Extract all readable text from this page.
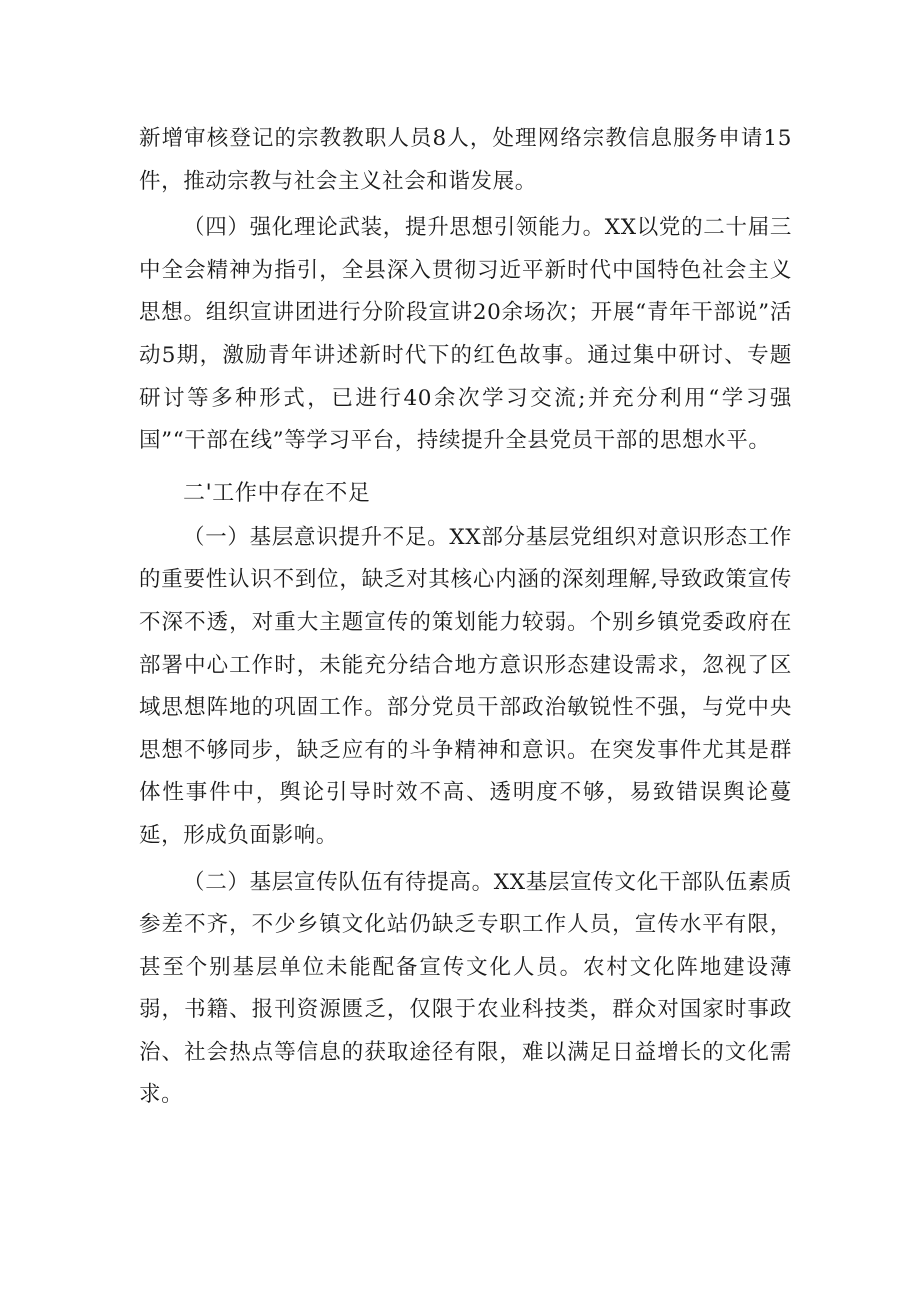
新增审核登记的宗教教职人员8人，处理网络宗教信息服务申请15件，推动宗教与社会主义社会和谐发展。

（四）强化理论武装，提升思想引领能力。XX以党的二十届三中全会精神为指引，全县深入贯彻习近平新时代中国特色社会主义思想。组织宣讲团进行分阶段宣讲20余场次；开展“青年干部说”活动5期，激励青年讲述新时代下的红色故事。通过集中研讨、专题研讨等多种形式，已进行40余次学习交流;并充分利用“学习强国”“干部在线”等学习平台，持续提升全县党员干部的思想水平。

二'工作中存在不足

（一）基层意识提升不足。XX部分基层党组织对意识形态工作的重要性认识不到位，缺乏对其核心内涵的深刻理解,导致政策宣传不深不透，对重大主题宣传的策划能力较弱。个别乡镇党委政府在部署中心工作时，未能充分结合地方意识形态建设需求，忽视了区域思想阵地的巩固工作。部分党员干部政治敏锐性不强，与党中央思想不够同步，缺乏应有的斗争精神和意识。在突发事件尤其是群体性事件中，舆论引导时效不高、透明度不够，易致错误舆论蔓延，形成负面影响。

（二）基层宣传队伍有待提高。XX基层宣传文化干部队伍素质参差不齐，不少乡镇文化站仍缺乏专职工作人员，宣传水平有限，甚至个别基层单位未能配备宣传文化人员。农村文化阵地建设薄弱，书籍、报刊资源匮乏，仅限于农业科技类，群众对国家时事政治、社会热点等信息的获取途径有限，难以满足日益增长的文化需求。
